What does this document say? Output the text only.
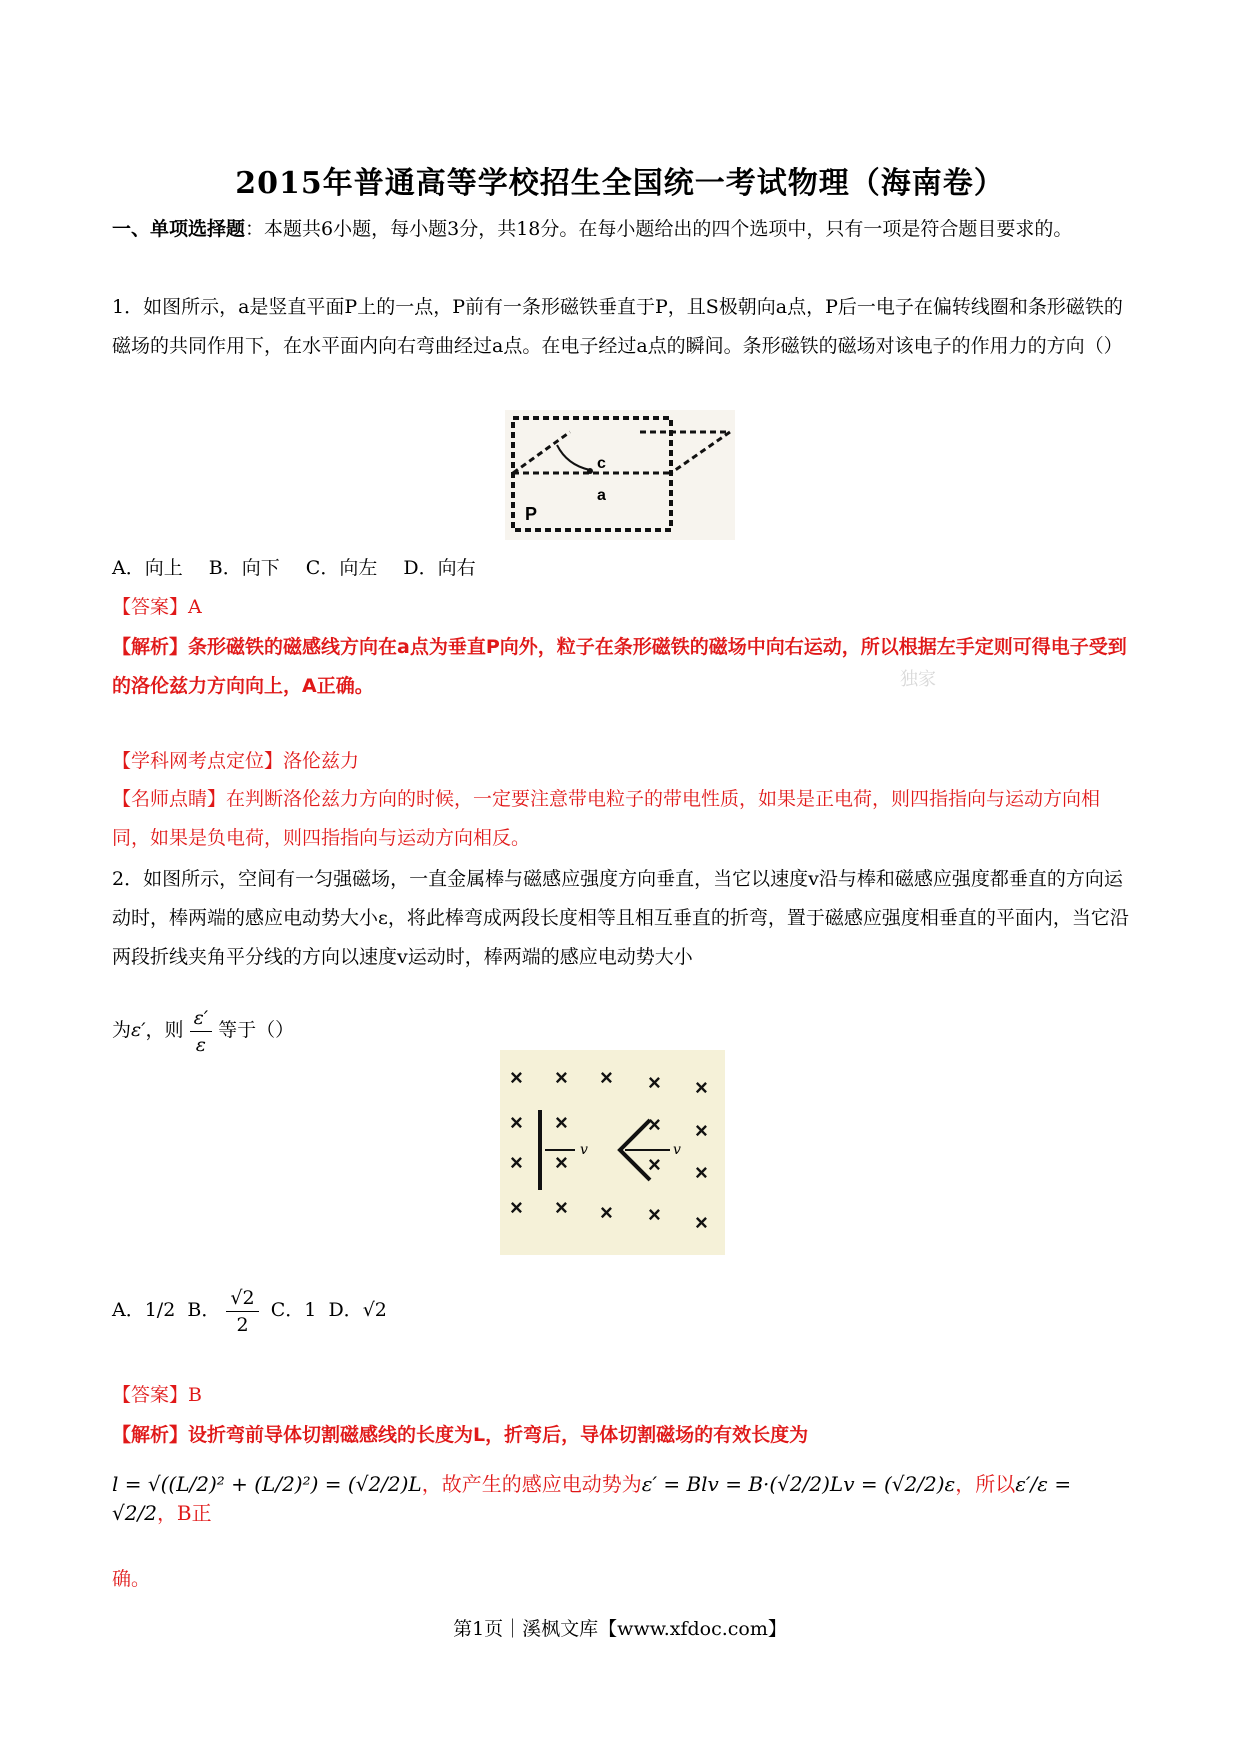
2015年普通高等学校招生全国统一考试物理（海南卷）
一、单项选择题：本题共6小题，每小题3分，共18分。在每小题给出的四个选项中，只有一项是符合题目要求的。
1．如图所示，a是竖直平面P上的一点，P前有一条形磁铁垂直于P，且S极朝向a点，P后一电子在偏转线圈和条形磁铁的磁场的共同作用下，在水平面内向右弯曲经过a点。在电子经过a点的瞬间。条形磁铁的磁场对该电子的作用力的方向（）
c
a
P
A．向上 B．向下 C．向左 D．向右
【答案】A
【解析】条形磁铁的磁感线方向在a点为垂直P向外，粒子在条形磁铁的磁场中向右运动，所以根据左手定则可得电子受到的洛伦兹力方向向上，A正确。	独家
【学科网考点定位】洛伦兹力
【名师点睛】在判断洛伦兹力方向的时候，一定要注意带电粒子的带电性质，如果是正电荷，则四指指向与运动方向相同，如果是负电荷，则四指指向与运动方向相反。
2．如图所示，空间有一匀强磁场，一直金属棒与磁感应强度方向垂直，当它以速度v沿与棒和磁感应强度都垂直的方向运动时，棒两端的感应电动势大小ε，将此棒弯成两段长度相等且相互垂直的折弯，置于磁感应强度相垂直的平面内，当它沿两段折线夹角平分线的方向以速度v运动时，棒两端的感应电动势大小
为ε′，则 $\frac{\varepsilon'}{\varepsilon}$ 等于（）
× × × × ×
× ×	× ×
× ×	× ×
× × × × ×
v	v
A．1/2 B． $\frac{√2}{2}$ C．1 D．√2
【答案】B
【解析】设折弯前导体切割磁感线的长度为L，折弯后，导体切割磁场的有效长度为
l = √((L/2)² + (L/2)²) = (√2/2)L，故产生的感应电动势为ε′ = Blv = B·(√2/2)Lv = (√2/2)ε，所以ε′/ε = √2/2，B正
确。
第1页｜溪枫文库【www.xfdoc.com】
